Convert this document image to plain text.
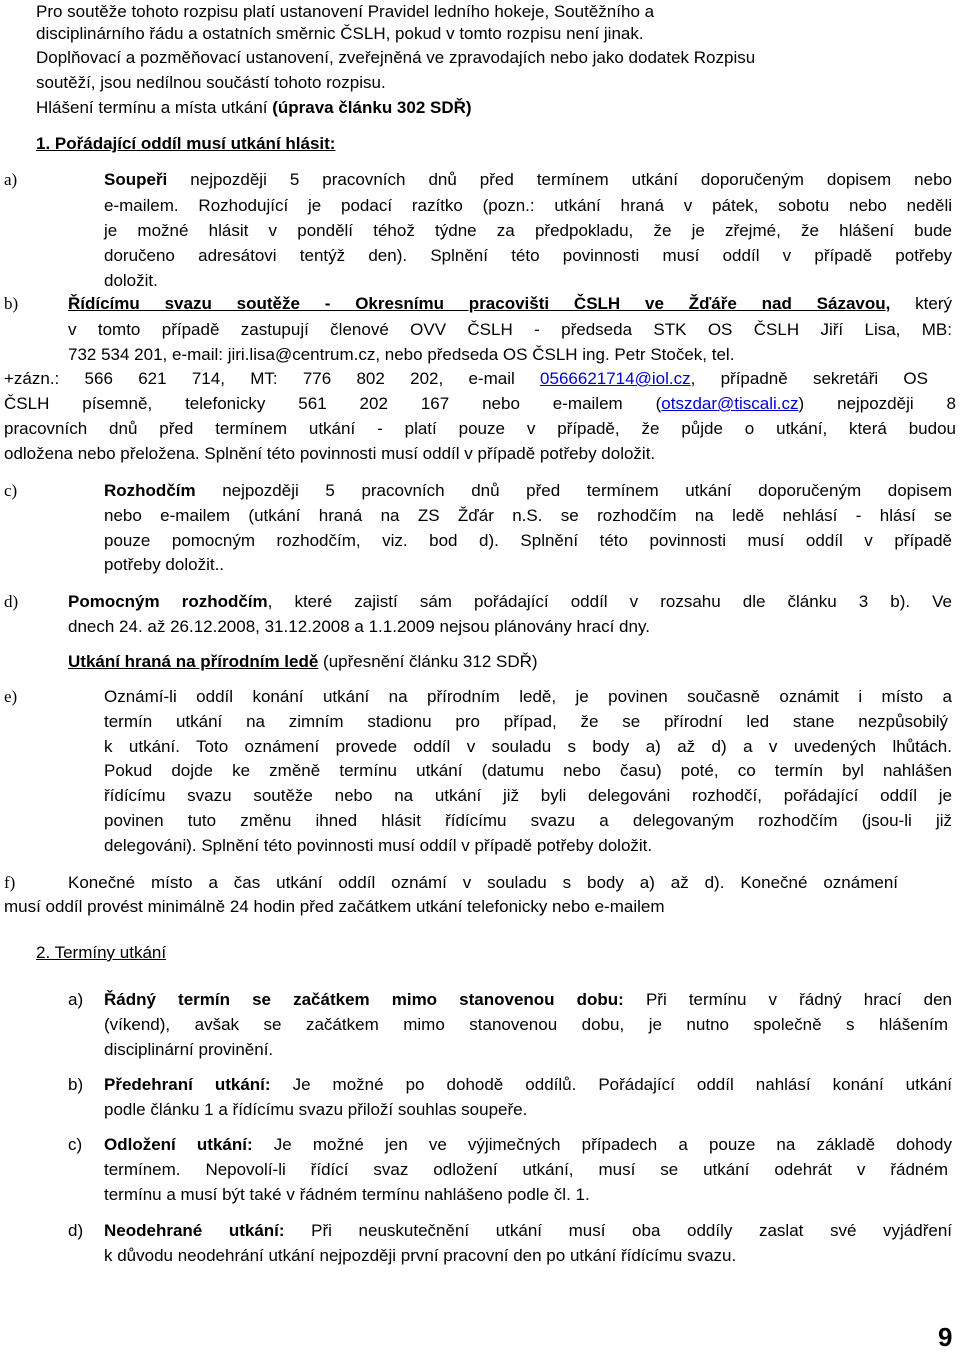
Pro soutěže tohoto rozpisu platí ustanovení Pravidel ledního hokeje, Soutěžního a
disciplinárního řádu a ostatních směrnic ČSLH, pokud v tomto rozpisu není jinak.
Doplňovací a pozměňovací ustanovení, zveřejněná ve zpravodajích nebo jako dodatek Rozpisu
soutěží, jsou nedílnou součástí tohoto rozpisu.
Hlášení termínu a místa utkání (úprava článku 302 SDŘ)
1. Pořádající oddíl musí utkání hlásit:
a)	Soupeři nejpozději 5 pracovních dnů před termínem utkání doporučeným dopisem nebo
e-mailem. Rozhodující je podací razítko (pozn.: utkání hraná v pátek, sobotu nebo neděli
je možné hlásit v pondělí téhož týdne za předpokladu, že je zřejmé, že hlášení bude
doručeno adresátovi tentýž den). Splnění této povinnosti musí oddíl v případě potřeby
doložit.
b)	Řídícímu svazu soutěže - Okresnímu pracovišti ČSLH ve Žďáře nad Sázavou, který
v tomto případě zastupují členové OVV ČSLH - předseda STK OS ČSLH Jiří Lisa, MB:
732 534 201, e-mail: jiri.lisa@centrum.cz, nebo předseda OS ČSLH ing. Petr Stoček, tel.
+zázn.: 566 621 714, MT: 776 802 202, e-mail 0566621714@iol.cz, případně sekretáři OS
ČSLH písemně, telefonicky 561 202 167 nebo e-mailem (otszdar@tiscali.cz) nejpozději 8
pracovních dnů před termínem utkání - platí pouze v případě, že půjde o utkání, která budou
odložena nebo přeložena. Splnění této povinnosti musí oddíl v případě potřeby doložit.
c)	Rozhodčím nejpozději 5 pracovních dnů před termínem utkání doporučeným dopisem
nebo e-mailem (utkání hraná na ZS Žďár n.S. se rozhodčím na ledě nehlásí - hlásí se
pouze pomocným rozhodčím, viz. bod d). Splnění této povinnosti musí oddíl v případě
potřeby doložit..
d)	Pomocným rozhodčím, které zajistí sám pořádající oddíl v rozsahu dle článku 3 b). Ve
dnech 24. až 26.12.2008, 31.12.2008 a 1.1.2009 nejsou plánovány hrací dny.
Utkání hraná na přírodním ledě (upřesnění článku 312 SDŘ)
e)	Oznámí-li oddíl konání utkání na přírodním ledě, je povinen současně oznámit i místo a
termín utkání na zimním stadionu pro případ, že se přírodní led stane nezpůsobilý
k utkání. Toto oznámení provede oddíl v souladu s body a) až d) a v uvedených lhůtách.
Pokud dojde ke změně termínu utkání (datumu nebo času) poté, co termín byl nahlášen
řídícímu svazu soutěže nebo na utkání již byli delegováni rozhodčí, pořádající oddíl je
povinen tuto změnu ihned hlásit řídícímu svazu a delegovaným rozhodčím (jsou-li již
delegováni). Splnění této povinnosti musí oddíl v případě potřeby doložit.
f)	Konečné místo a čas utkání oddíl oznámí v souladu s body a) až d). Konečné oznámení
musí oddíl provést minimálně 24 hodin před začátkem utkání telefonicky nebo e-mailem
2. Termíny utkání
a) Řádný termín se začátkem mimo stanovenou dobu: Při termínu v řádný hrací den
(víkend), avšak se začátkem mimo stanovenou dobu, je nutno společně s hlášením
disciplinární provinění.
b) Předehraní utkání: Je možné po dohodě oddílů. Pořádající oddíl nahlásí konání utkání
podle článku 1 a řídícímu svazu přiloží souhlas soupeře.
c) Odložení utkání: Je možné jen ve výjimečných případech a pouze na základě dohody
termínem. Nepovolí-li řídící svaz odložení utkání, musí se utkání odehrát v řádném
termínu a musí být také v řádném termínu nahlášeno podle čl. 1.
d) Neodehrané utkání: Při neuskutečnění utkání musí oba oddíly zaslat své vyjádření
k důvodu neodehrání utkání nejpozději první pracovní den po utkání řídícímu svazu.
9
